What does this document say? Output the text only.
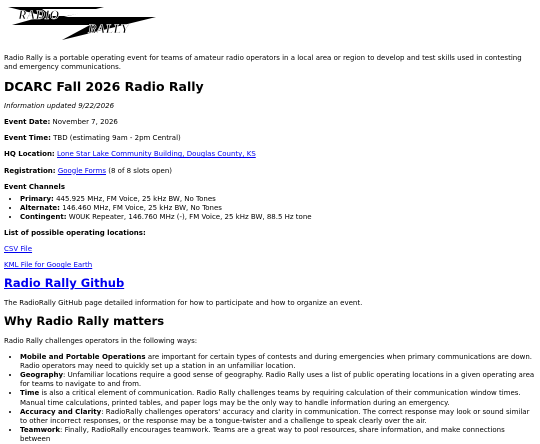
RADIO
RALLY

Radio Rally is a portable operating event for teams of amateur radio operators in a local area or region to develop and test skills used in contesting and emergency communications.

DCARC Fall 2026 Radio Rally

Information updated 9/22/2026

Event Date: November 7, 2026

Event Time: TBD (estimating 9am - 2pm Central)

HQ Location: Lone Star Lake Community Building, Douglas County, KS

Registration: Google Forms (8 of 8 slots open)

Event Channels
• Primary: 445.925 MHz, FM Voice, 25 kHz BW, No Tones
• Alternate: 146.460 MHz, FM Voice, 25 kHz BW, No Tones
• Contingent: W0UK Repeater, 146.760 MHz (-), FM Voice, 25 kHz BW, 88.5 Hz tone
List of possible operating locations:

CSV File

KML File for Google Earth

Radio Rally Github

The RadioRally GitHub page detailed information for how to participate and how to organize an event.

Why Radio Rally matters

Radio Rally challenges operators in the following ways:

• Mobile and Portable Operations are important for certain types of contests and during emergencies when primary communications are down. Radio operators may need to quickly set up a station in an unfamiliar location.
• Geography: Unfamiliar locations require a good sense of geography. Radio Rally uses a list of public operating locations in a given operating area for teams to navigate to and from.
• Time is also a critical element of communication. Radio Rally challenges teams by requiring calculation of their communication window times. Manual time calculations, printed tables, and paper logs may be the only way to handle information during an emergency.
• Accuracy and Clarity: RadioRally challenges operators' accuracy and clarity in communication. The correct response may look or sound similar to other incorrect responses, or the response may be a tongue-twister and a challenge to speak clearly over the air.
• Teamwork: Finally, RadioRally encourages teamwork. Teams are a great way to pool resources, share information, and make connections between
